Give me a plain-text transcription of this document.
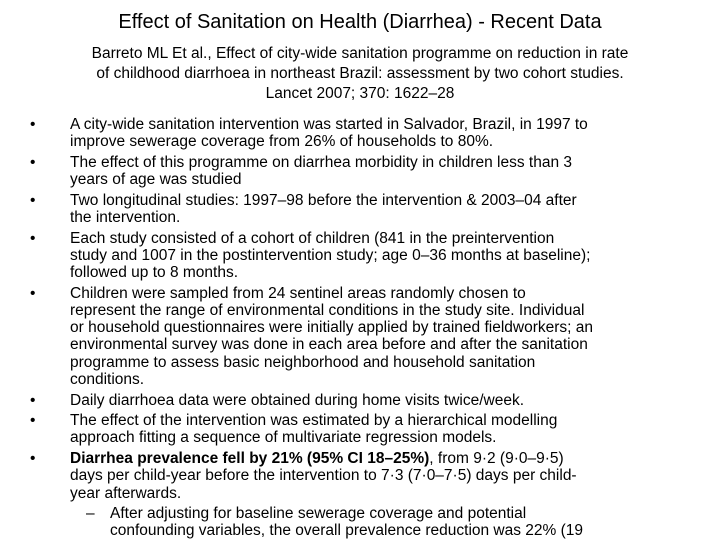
Effect of Sanitation on Health (Diarrhea) - Recent Data
Barreto ML Et al., Effect of city-wide sanitation programme on reduction in rate
of childhood diarrhoea in northeast Brazil: assessment by two cohort studies.
Lancet 2007; 370: 1622–28
•	A city-wide sanitation intervention was started in Salvador, Brazil, in 1997 to
improve sewerage coverage from 26% of households to 80%.
•	The effect of this programme on diarrhea morbidity in children less than 3
years of age was studied
•	Two longitudinal studies: 1997–98 before the intervention & 2003–04 after
the intervention.
•	Each study consisted of a cohort of children (841 in the preintervention
study and 1007 in the postintervention study; age 0–36 months at baseline);
followed up to 8 months.
•	Children were sampled from 24 sentinel areas randomly chosen to
represent the range of environmental conditions in the study site. Individual
or household questionnaires were initially applied by trained fieldworkers; an
environmental survey was done in each area before and after the sanitation
programme to assess basic neighborhood and household sanitation
conditions.
•	Daily diarrhoea data were obtained during home visits twice/week.
•	The effect of the intervention was estimated by a hierarchical modelling
approach fitting a sequence of multivariate regression models.
•	Diarrhea prevalence fell by 21% (95% CI 18–25%), from 9·2 (9·0–9·5)
days per child-year before the intervention to 7·3 (7·0–7·5) days per child-
year afterwards.
– After adjusting for baseline sewerage coverage and potential
confounding variables, the overall prevalence reduction was 22% (19
